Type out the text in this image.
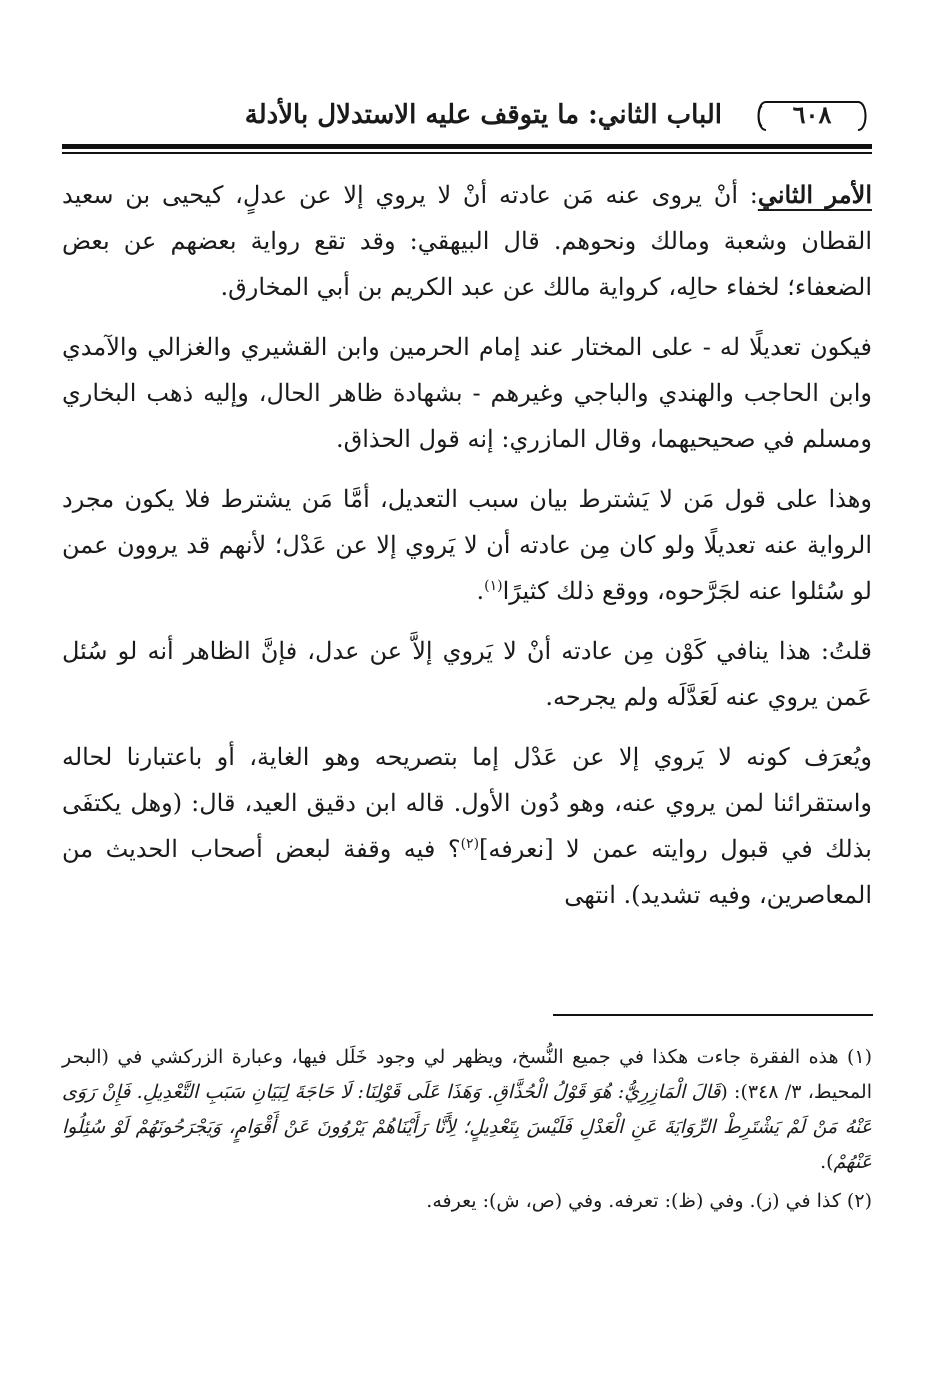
٦٠٨
الباب الثاني: ما يتوقف عليه الاستدلال بالأدلة

الأمر الثاني: أنْ يروى عنه مَن عادته أنْ لا يروي إلا عن عدلٍ، كيحيى بن سعيد القطان وشعبة ومالك ونحوهم. قال البيهقي: وقد تقع رواية بعضهم عن بعض الضعفاء؛ لخفاء حالِه، كرواية مالك عن عبد الكريم بن أبي المخارق.

فيكون تعديلًا له - على المختار عند إمام الحرمين وابن القشيري والغزالي والآمدي وابن الحاجب والهندي والباجي وغيرهم - بشهادة ظاهر الحال، وإليه ذهب البخاري ومسلم في صحيحيهما، وقال المازري: إنه قول الحذاق.

وهذا على قول مَن لا يَشترط بيان سبب التعديل، أمَّا مَن يشترط فلا يكون مجرد الرواية عنه تعديلًا ولو كان مِن عادته أن لا يَروي إلا عن عَدْل؛ لأنهم قد يروون عمن لو سُئلوا عنه لجَرَّحوه، ووقع ذلك كثيرًا$^{(١)}$.

قلتُ: هذا ينافي كَوْن مِن عادته أنْ لا يَروي إلاَّ عن عدل، فإنَّ الظاهر أنه لو سُئل عَمن يروي عنه لَعَدَّلَه ولم يجرحه.

ويُعرَف كونه لا يَروي إلا عن عَدْل إما بتصريحه وهو الغاية، أو باعتبارنا لحاله واستقرائنا لمن يروي عنه، وهو دُون الأول. قاله ابن دقيق العيد، قال: (وهل يكتفَى بذلك في قبول روايته عمن لا [نعرفه]$^{(٢)}$؟ فيه وقفة لبعض أصحاب الحديث من المعاصرين، وفيه تشديد). انتهى

(١) هذه الفقرة جاءت هكذا في جميع النُّسخ، ويظهر لي وجود خَلَل فيها، وعبارة الزركشي في (البحر المحيط، ٣/ ٣٤٨): (قَالَ الْمَازِرِيُّ: هُوَ قَوْلُ الْحُذَّاقِ. وَهَذَا عَلَى قَوْلِنَا: لَا حَاجَةَ لِبَيَانِ سَبَبِ التَّعْدِيلِ. فَإِنْ رَوَى عَنْهُ مَنْ لَمْ يَشْتَرِطْ الرِّوَايَةَ عَنِ الْعَدْلِ فَلَيْسَ بِتَعْدِيلٍ؛ لِأَنَّا رَأَيْنَاهُمْ يَرْوُونَ عَنْ أَقْوَامٍ، وَيَجْرَحُونَهُمْ لَوْ سُئِلُوا عَنْهُمْ).

(٢) كذا في (ز). وفي (ظ): تعرفه. وفي (ص، ش): يعرفه.
